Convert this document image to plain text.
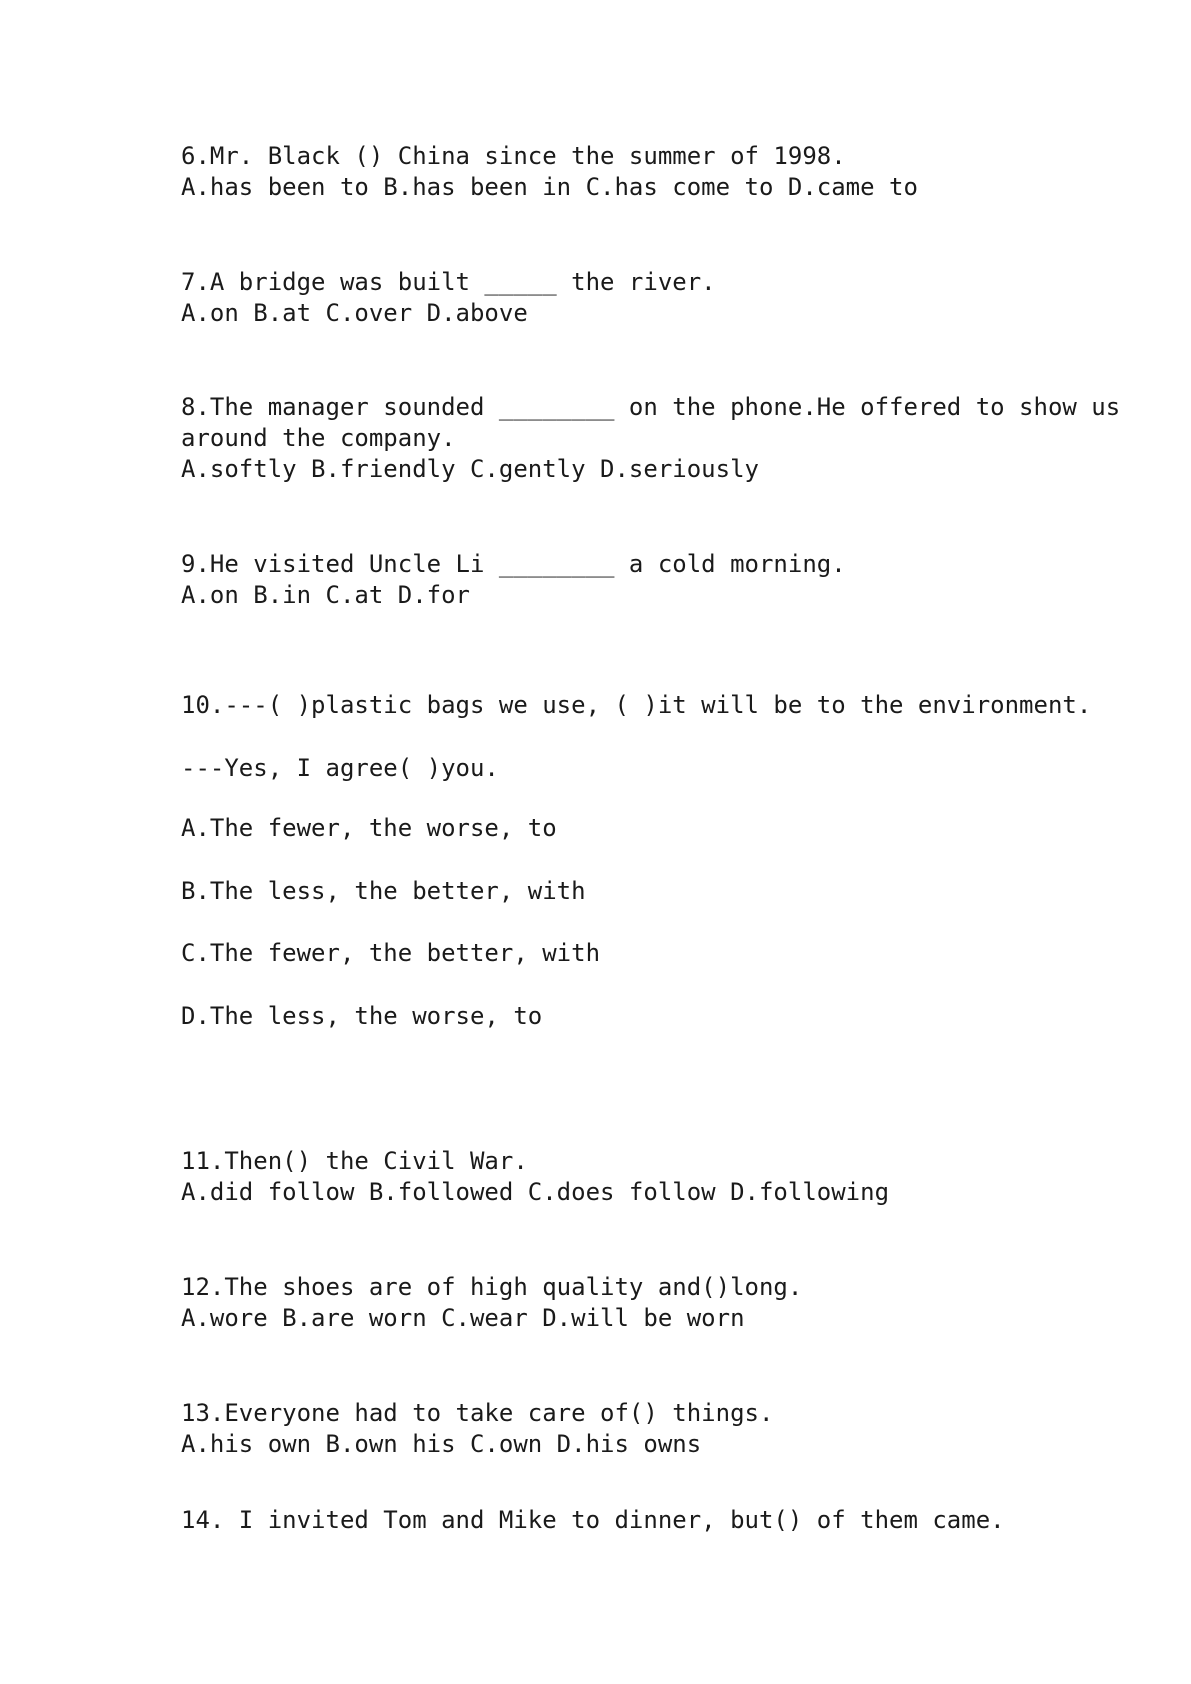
6.Mr. Black () China since the summer of 1998.
A.has been to B.has been in C.has come to D.came to
7.A bridge was built _____ the river.
A.on B.at C.over D.above
8.The manager sounded ________ on the phone.He offered to show us
around the company.
A.softly B.friendly C.gently D.seriously
9.He visited Uncle Li ________ a cold morning.
A.on B.in C.at D.for
10.---( )plastic bags we use, ( )it will be to the environment.
---Yes, I agree( )you.
A.The fewer, the worse, to
B.The less, the better, with
C.The fewer, the better, with
D.The less, the worse, to
11.Then() the Civil War.
A.did follow B.followed C.does follow D.following
12.The shoes are of high quality and()long.
A.wore B.are worn C.wear D.will be worn
13.Everyone had to take care of() things.
A.his own B.own his C.own D.his owns
14. I invited Tom and Mike to dinner, but() of them came.
